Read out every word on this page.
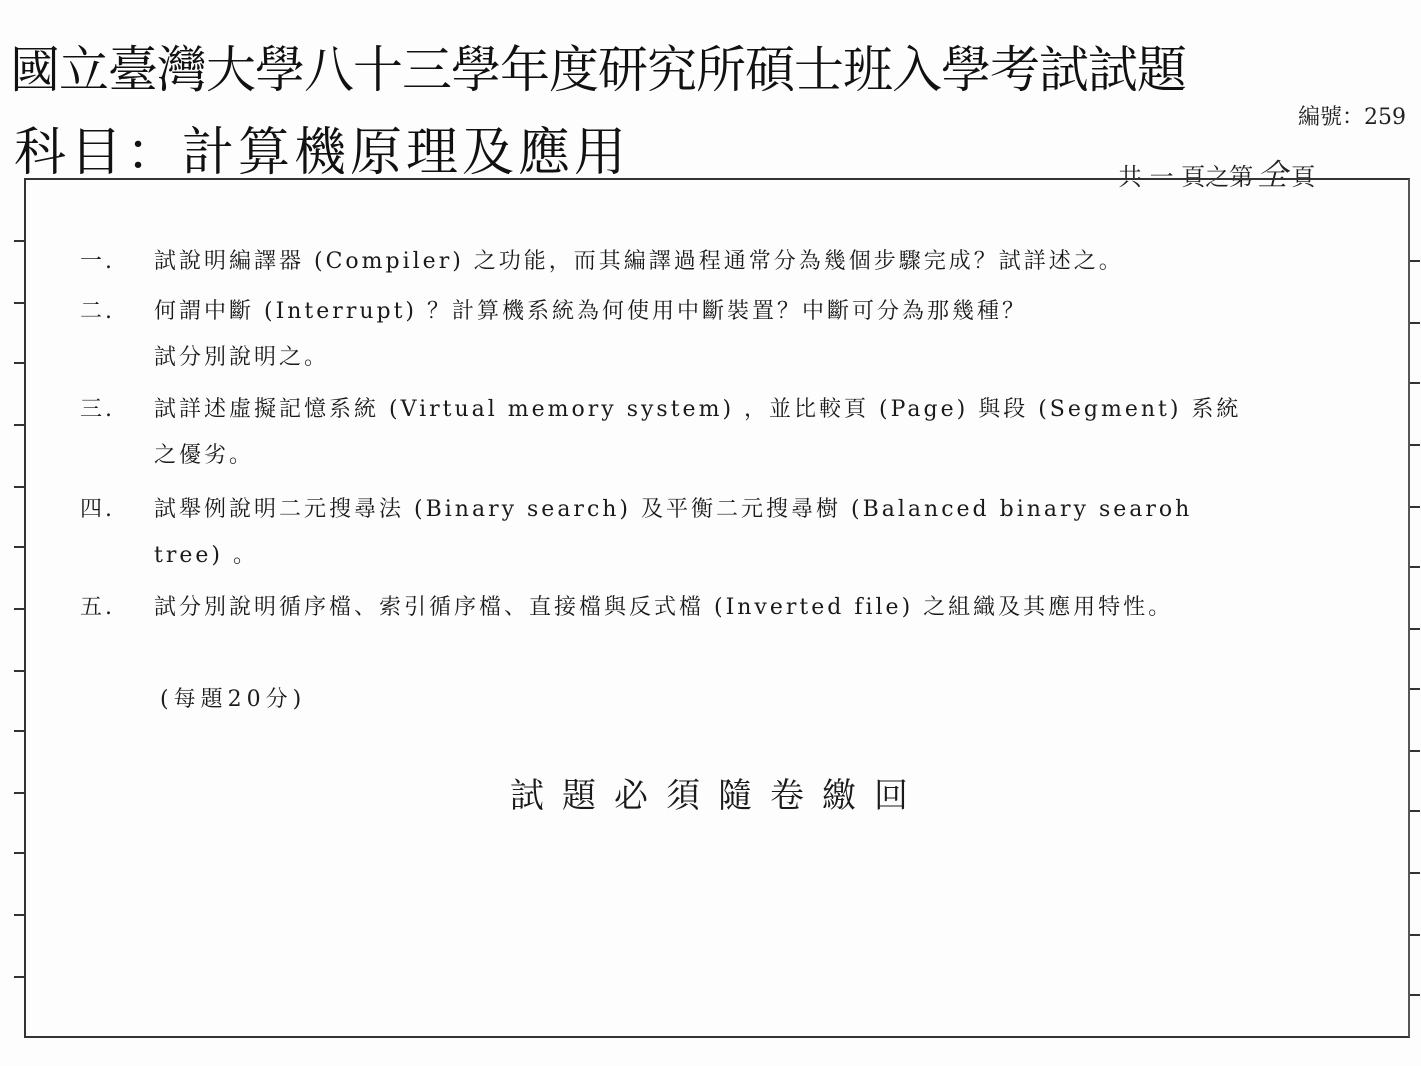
國立臺灣大學八十三學年度研究所碩士班入學考試試題
科目：計算機原理及應用
編號：259
共 一 頁之第 全 頁
一. 試說明編譯器 (Compiler) 之功能，而其編譯過程通常分為幾個步驟完成？試詳述之。
二. 何謂中斷 (Interrupt) ？計算機系統為何使用中斷裝置？中斷可分為那幾種？
試分別說明之。
三. 試詳述虛擬記憶系統 (Virtual memory system) ，並比較頁 (Page) 與段 (Segment) 系統
之優劣。
四. 試舉例說明二元搜尋法 (Binary search) 及平衡二元搜尋樹 (Balanced binary searoh
tree) 。
五. 試分別說明循序檔、索引循序檔、直接檔與反式檔 (Inverted file) 之組織及其應用特性。
(每題20分)
試題必須隨卷繳回
